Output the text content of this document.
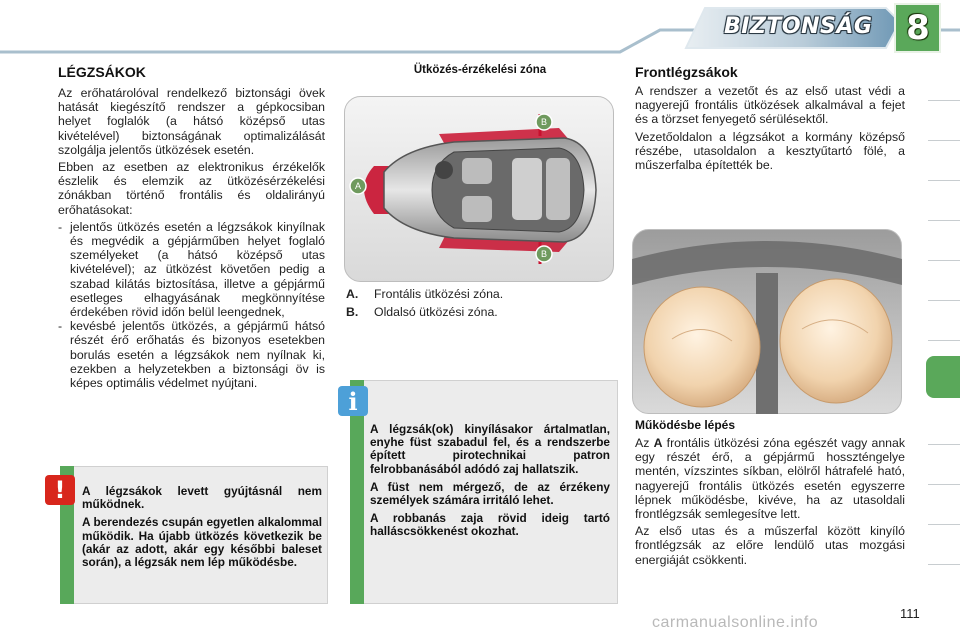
BIZTONSÁG 8
LÉGZSÁKOK

Az erőhatárolóval rendelkező biztonsági övek hatását kiegészítő rendszer a gépkocsiban helyet foglalók (a hátsó középső utas kivételével) biztonságának optimalizálását szolgálja jelentős ütközések esetén.

Ebben az esetben az elektronikus érzékelők észlelik és elemzik az ütközésérzékelési zónákban történő frontális és oldalirányú erőhatásokat:

- jelentős ütközés esetén a légzsákok kinyílnak és megvédik a gépjárműben helyet foglaló személyeket (a hátsó középső utas kivételével); az ütközést követően pedig a szabad kilátás biztosítása, illetve a gépjármű esetleges elhagyásának megkönnyítése érdekében rövid időn belül leengednek,
- kevésbé jelentős ütközés, a gépjármű hátsó részét érő erőhatás és bizonyos esetekben borulás esetén a légzsákok nem nyílnak ki, ezekben a helyzetekben a biztonsági öv is képes optimális védelmet nyújtani.
!	A légzsákok levett gyújtásnál nem működnek.

A berendezés csupán egyetlen alkalommal működik. Ha újabb ütközés következik be (akár az adott, akár egy későbbi baleset során), a légzsák nem lép működésbe.

Ütközés-érzékelési zóna
A
B
B
A.	Frontális ütközési zóna.
B.	Oldalsó ütközési zóna.
i

A légzsák(ok) kinyílásakor ártalmatlan, enyhe füst szabadul fel, és a rendszerbe épített pirotechnikai patron felrobbanásából adódó zaj hallatszik.

A füst nem mérgező, de az érzékeny személyek számára irritáló lehet.

A robbanás zaja rövid ideig tartó halláscsökkenést okozhat.

Frontlégzsákok

A rendszer a vezetőt és az első utast védi a nagyerejű frontális ütközések alkalmával a fejet és a törzset fenyegető sérülésektől.

Vezetőoldalon a légzsákot a kormány középső részébe, utasoldalon a kesztyűtartó fölé, a műszerfalba építették be.

Működésbe lépés

Az A frontális ütközési zóna egészét vagy annak egy részét érő, a gépjármű hosszténgelye mentén, vízszintes síkban, elölről hátrafelé ható, nagyerejű frontális ütközés esetén egyszerre lépnek működésbe, kivéve, ha az utasoldali frontlégzsák semlegesítve lett.

Az első utas és a műszerfal között kinyíló frontlégzsák az előre lendülő utas mozgási energiáját csökkenti.

carmanualsonline.info
111
